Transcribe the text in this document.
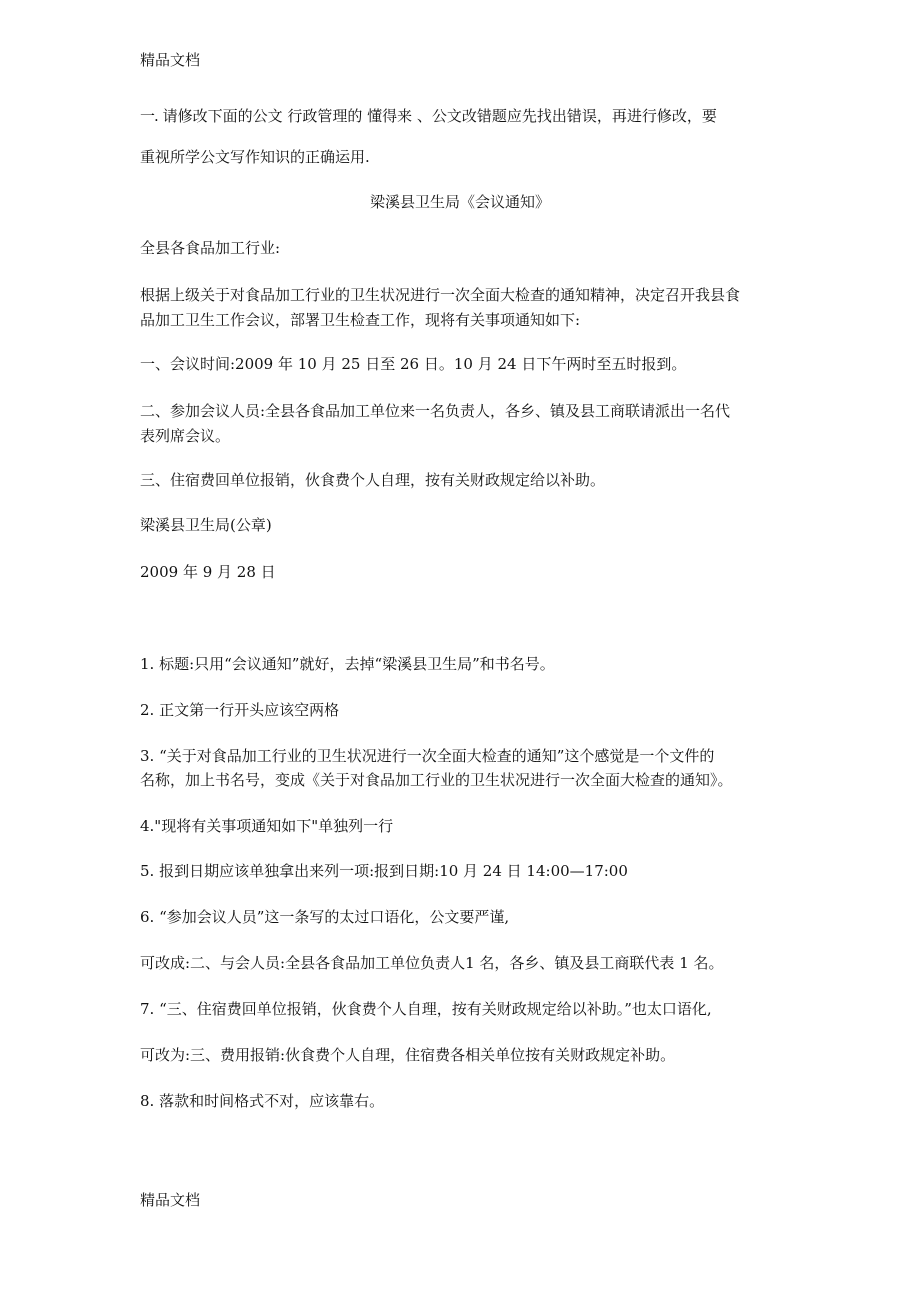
精品文档
一. 请修改下面的公文 行政管理的 懂得来 、公文改错题应先找出错误，再进行修改，要
重视所学公文写作知识的正确运用.
梁溪县卫生局《会议通知》
全县各食品加工行业:
根据上级关于对食品加工行业的卫生状况进行一次全面大检查的通知精神，决定召开我县食
品加工卫生工作会议，部署卫生检查工作，现将有关事项通知如下:
一、会议时间:2009 年 10 月 25 日至 26 日。10 月 24 日下午两时至五时报到。
二、参加会议人员:全县各食品加工单位来一名负责人，各乡、镇及县工商联请派出一名代
表列席会议。
三、住宿费回单位报销，伙食费个人自理，按有关财政规定给以补助。
梁溪县卫生局(公章)
2009 年 9 月 28 日
1. 标题:只用“会议通知”就好，去掉“梁溪县卫生局”和书名号。
2. 正文第一行开头应该空两格
3. “关于对食品加工行业的卫生状况进行一次全面大检查的通知”这个感觉是一个文件的
名称，加上书名号，变成《关于对食品加工行业的卫生状况进行一次全面大检查的通知》。
4."现将有关事项通知如下"单独列一行
5. 报到日期应该单独拿出来列一项:报到日期:10 月 24 日 14:00—17:00
6. “参加会议人员”这一条写的太过口语化，公文要严谨,
可改成:二、与会人员:全县各食品加工单位负责人1 名，各乡、镇及县工商联代表 1 名。
7. “三、住宿费回单位报销，伙食费个人自理，按有关财政规定给以补助。”也太口语化,
可改为:三、费用报销:伙食费个人自理，住宿费各相关单位按有关财政规定补助。
8. 落款和时间格式不对，应该靠右。
精品文档
